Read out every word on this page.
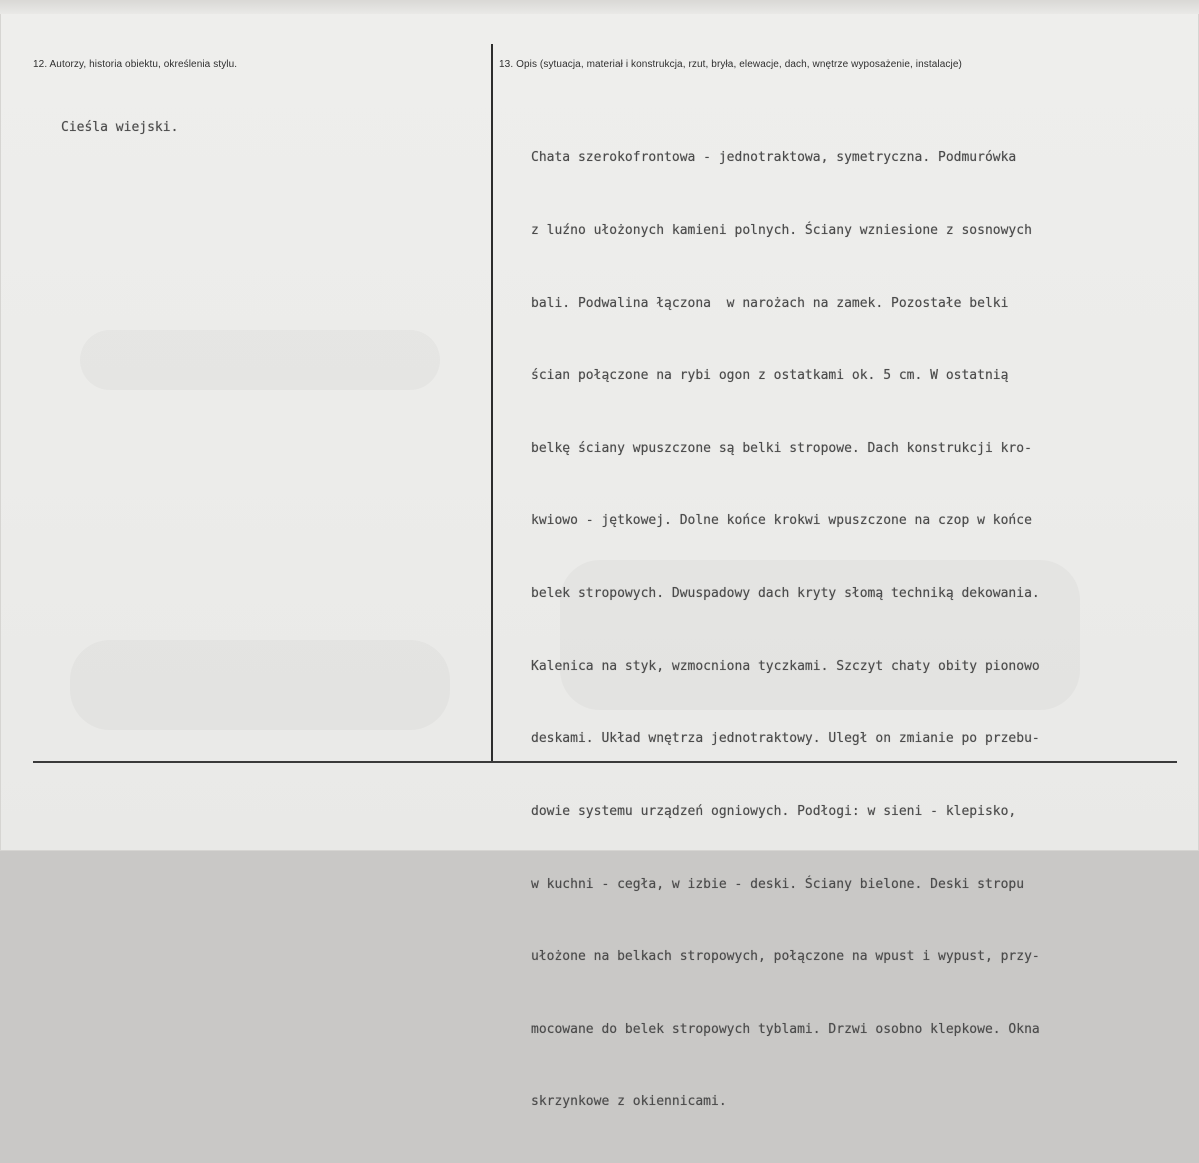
12. Autorzy, historia obiektu, określenia stylu.	13. Opis (sytuacja, materiał i konstrukcja, rzut, bryła, elewacje, dach, wnętrze wyposażenie, instalacje)
Cieśla wiejski.

Chata szerokofrontowa - jednotraktowa, symetryczna. Podmurówka

z luźno ułożonych kamieni polnych. Ściany wzniesione z sosnowych

bali. Podwalina łączona  w narożach na zamek. Pozostałe belki

ścian połączone na rybi ogon z ostatkami ok. 5 cm. W ostatnią

belkę ściany wpuszczone są belki stropowe. Dach konstrukcji kro-

kwiowo - jętkowej. Dolne końce krokwi wpuszczone na czop w końce

belek stropowych. Dwuspadowy dach kryty słomą techniką dekowania.

Kalenica na styk, wzmocniona tyczkami. Szczyt chaty obity pionowo

deskami. Układ wnętrza jednotraktowy. Uległ on zmianie po przebu-

dowie systemu urządzeń ogniowych. Podłogi: w sieni - klepisko,

w kuchni - cegła, w izbie - deski. Ściany bielone. Deski stropu

ułożone na belkach stropowych, połączone na wpust i wypust, przy-

mocowane do belek stropowych tyblami. Drzwi osobno klepkowe. Okna

skrzynkowe z okiennicami.
